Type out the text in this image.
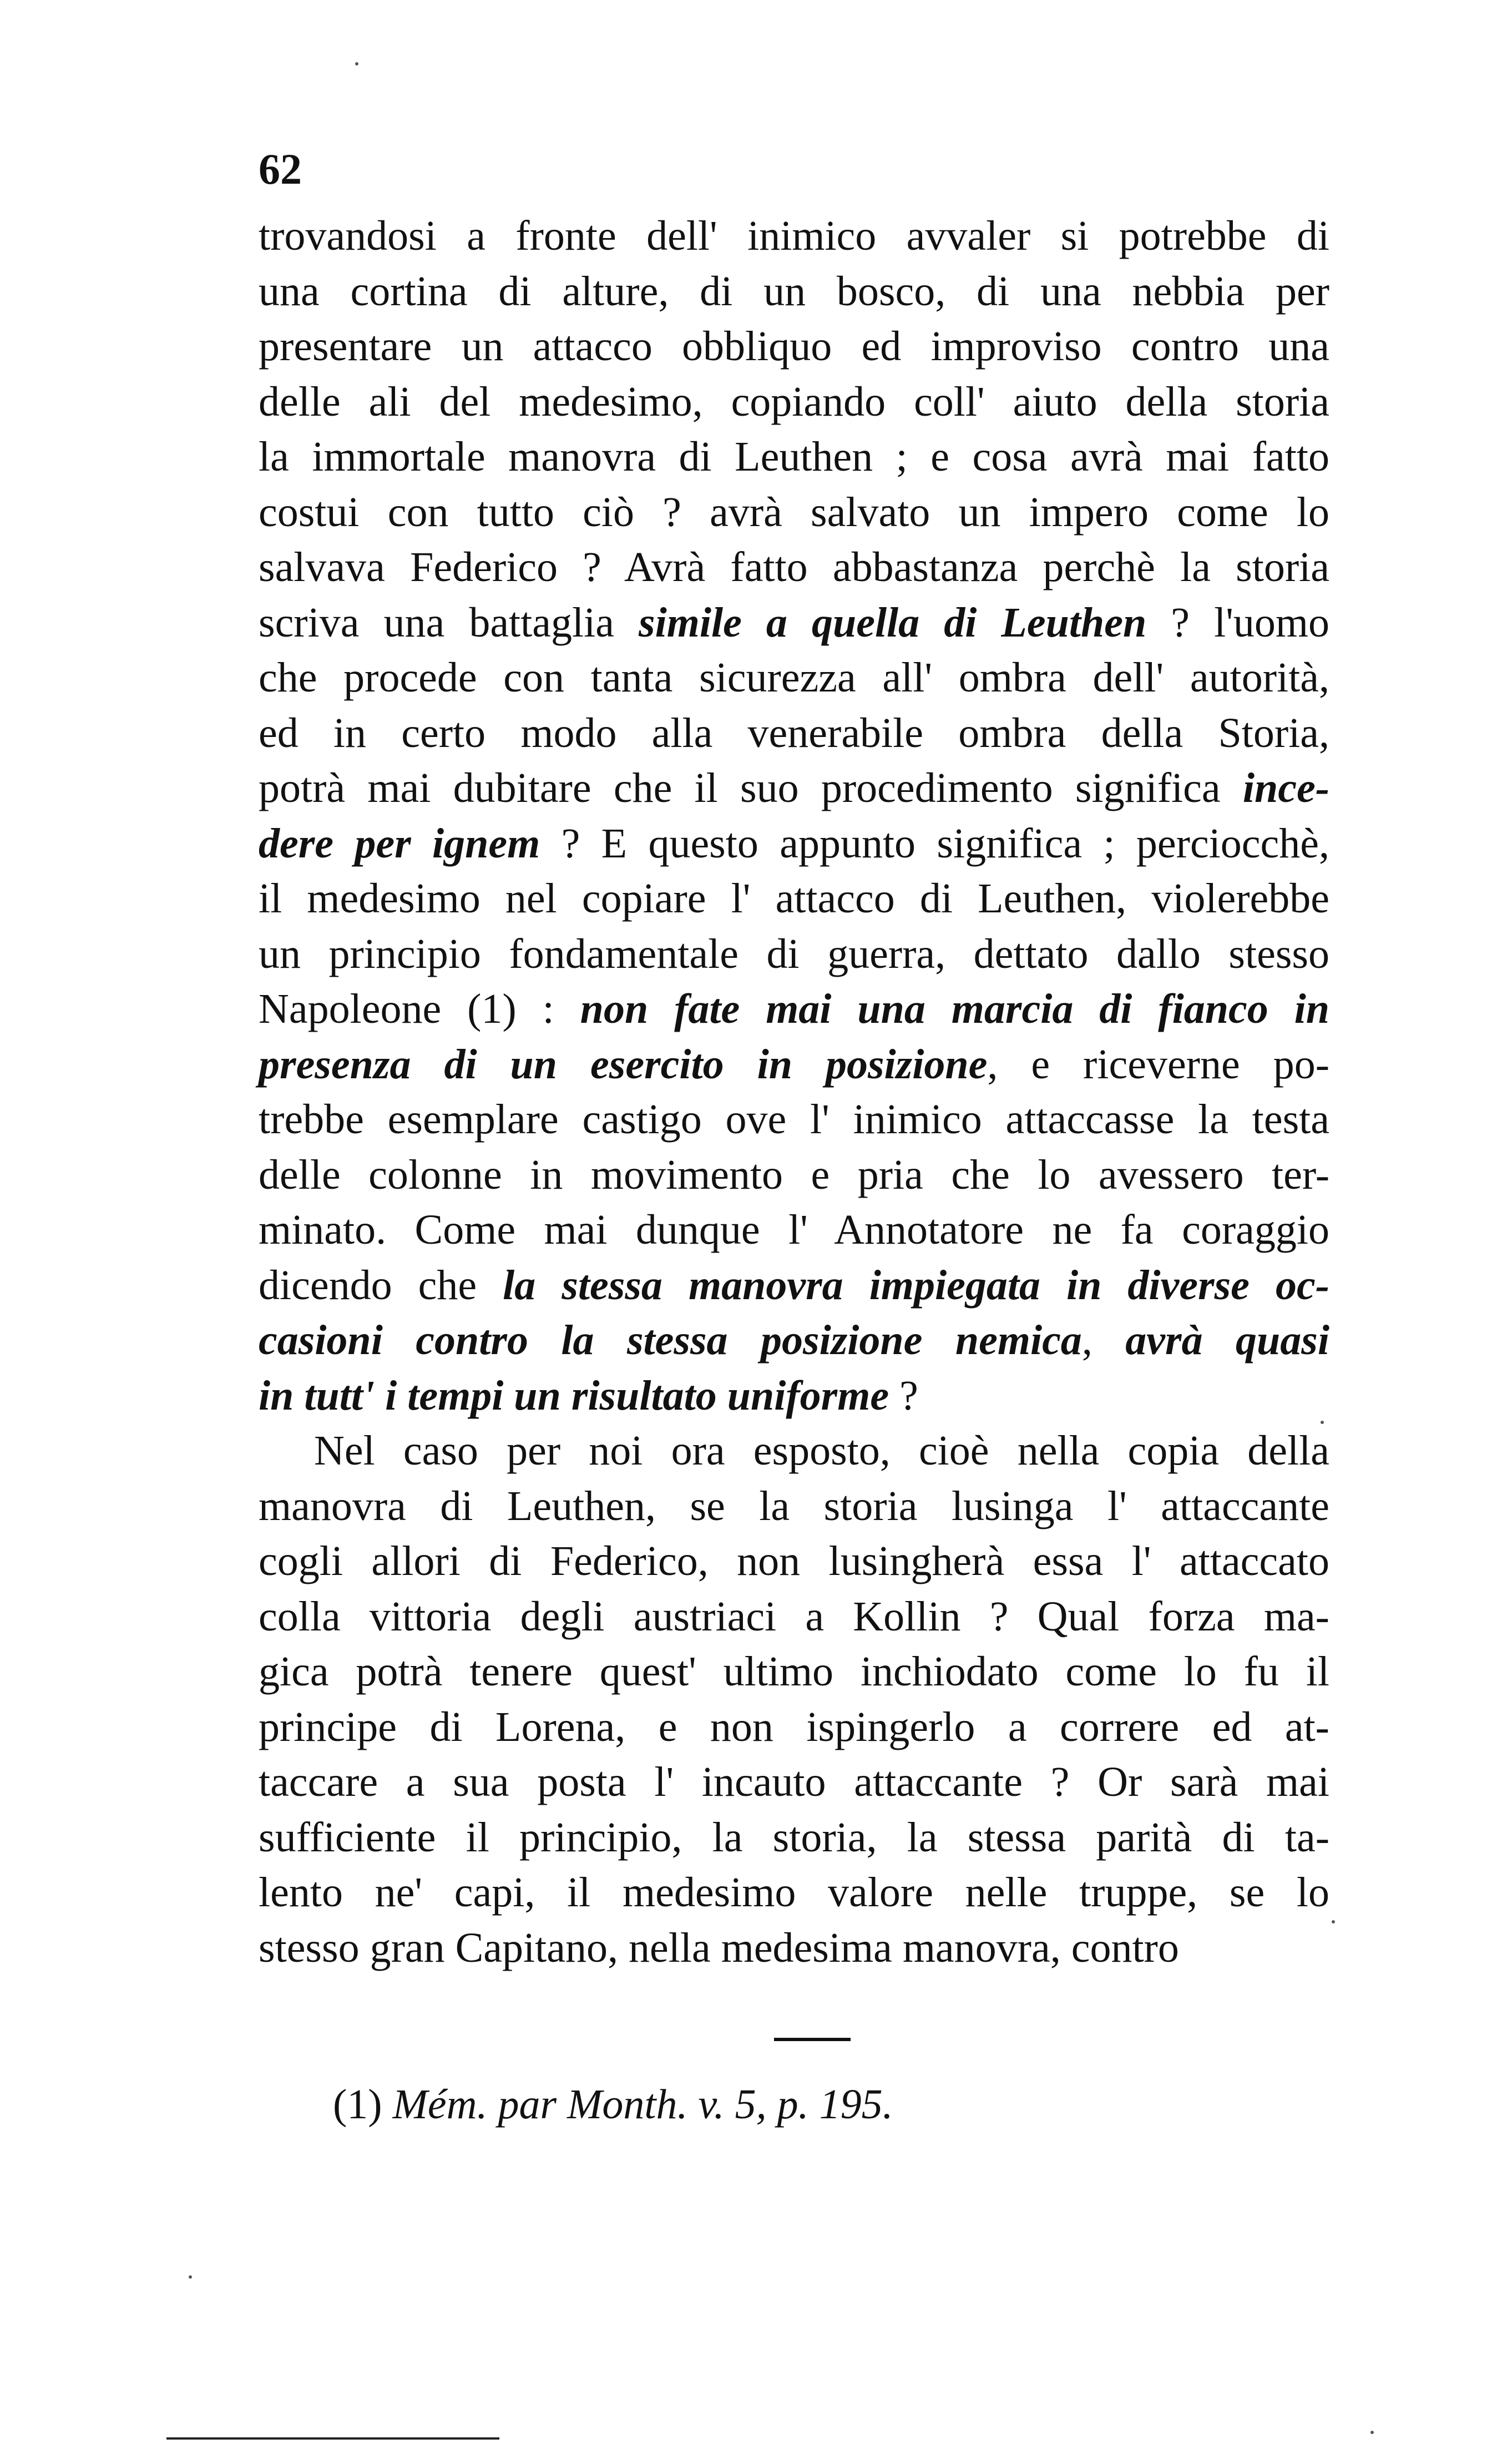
62
trovandosi a fronte dell' inimico avvaler si potrebbe di
una cortina di alture, di un bosco, di una nebbia per
presentare un attacco obbliquo ed improviso contro una
delle ali del medesimo, copiando coll' aiuto della storia
la immortale manovra di Leuthen ; e cosa avrà mai fatto
costui con tutto ciò ? avrà salvato un impero come lo
salvava Federico ? Avrà fatto abbastanza perchè la storia
scriva una battaglia simile a quella di Leuthen ? l'uomo
che procede con tanta sicurezza all' ombra dell' autorità,
ed in certo modo alla venerabile ombra della Storia,
potrà mai dubitare che il suo procedimento significa ince-
dere per ignem ? E questo appunto significa ; perciocchè,
il medesimo nel copiare l' attacco di Leuthen, violerebbe
un principio fondamentale di guerra, dettato dallo stesso
Napoleone (1) : non fate mai una marcia di fianco in
presenza di un esercito in posizione, e riceverne po-
trebbe esemplare castigo ove l' inimico attaccasse la testa
delle colonne in movimento e pria che lo avessero ter-
minato. Come mai dunque l' Annotatore ne fa coraggio
dicendo che la stessa manovra impiegata in diverse oc-
casioni contro la stessa posizione nemica, avrà quasi
in tutt' i tempi un risultato uniforme ?
Nel caso per noi ora esposto, cioè nella copia della
manovra di Leuthen, se la storia lusinga l' attaccante
cogli allori di Federico, non lusingherà essa l' attaccato
colla vittoria degli austriaci a Kollin ? Qual forza ma-
gica potrà tenere quest' ultimo inchiodato come lo fu il
principe di Lorena, e non ispingerlo a correre ed at-
taccare a sua posta l' incauto attaccante ? Or sarà mai
sufficiente il principio, la storia, la stessa parità di ta-
lento ne' capi, il medesimo valore nelle truppe, se lo
stesso gran Capitano, nella medesima manovra, contro
(1) Mém. par Month. v. 5, p. 195.
